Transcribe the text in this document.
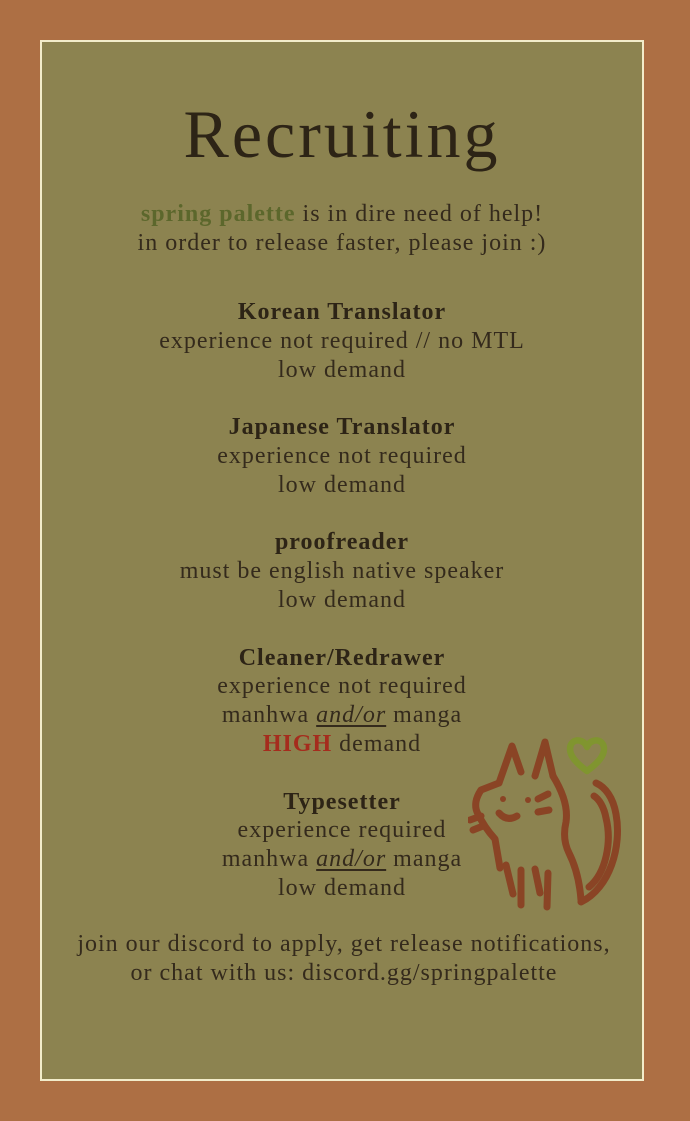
Recruiting
spring palette is in dire need of help!
in order to release faster, please join :)
Korean Translator
experience not required // no MTL
low demand
Japanese Translator
experience not required
low demand
proofreader
must be english native speaker
low demand
Cleaner/Redrawer
experience not required
manhwa and/or manga
HIGH demand
Typesetter
experience required
manhwa and/or manga
low demand
join our discord to apply, get release notifications,
or chat with us: discord.gg/springpalette
